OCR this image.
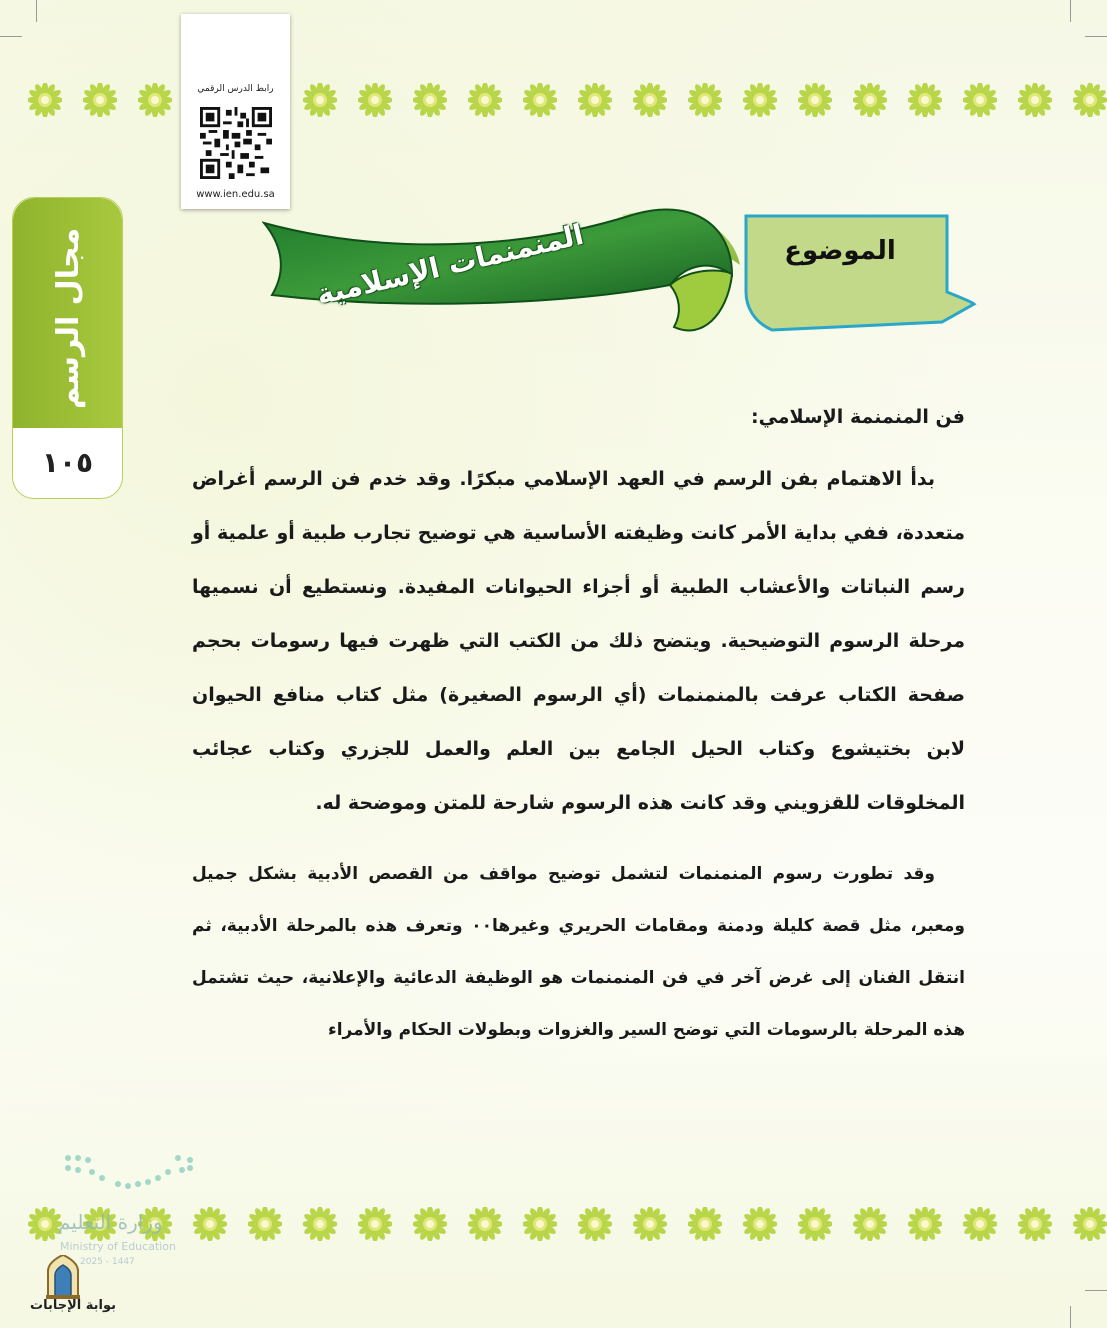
رابط الدرس الرقمي
www.ien.edu.sa
مجال الرسم
١٠٥
المنمنمات الإسلامية	الموضوع
فن المنمنمة الإسلامي:

بدأ الاهتمام بفن الرسم في العهد الإسلامي مبكرًا. وقد خدم فن الرسم أغراض متعددة، ففي بداية الأمر كانت وظيفته الأساسية هي توضيح تجارب طبية أو علمية أو رسم النباتات والأعشاب الطبية أو أجزاء الحيوانات المفيدة. ونستطيع أن نسميها مرحلة الرسوم التوضيحية. ويتضح ذلك من الكتب التي ظهرت فيها رسومات بحجم صفحة الكتاب عرفت بالمنمنمات (أي الرسوم الصغيرة) مثل كتاب منافع الحيوان لابن بختيشوع وكتاب الحيل الجامع بين العلم والعمل للجزري وكتاب عجائب المخلوقات للقزويني وقد كانت هذه الرسوم شارحة للمتن وموضحة له.

وقد تطورت رسوم المنمنمات لتشمل توضيح مواقف من القصص الأدبية بشكل جميل ومعبر، مثل قصة كليلة ودمنة ومقامات الحريري وغيرها٠٠ وتعرف هذه بالمرحلة الأدبية، ثم انتقل الفنان إلى غرض آخر في فن المنمنمات هو الوظيفة الدعائية والإعلانية، حيث تشتمل هذه المرحلة بالرسومات التي توضح السير والغزوات وبطولات الحكام والأمراء

وزارة التعليم
Ministry of Education
2025 - 1447
بوابة الإجابات
